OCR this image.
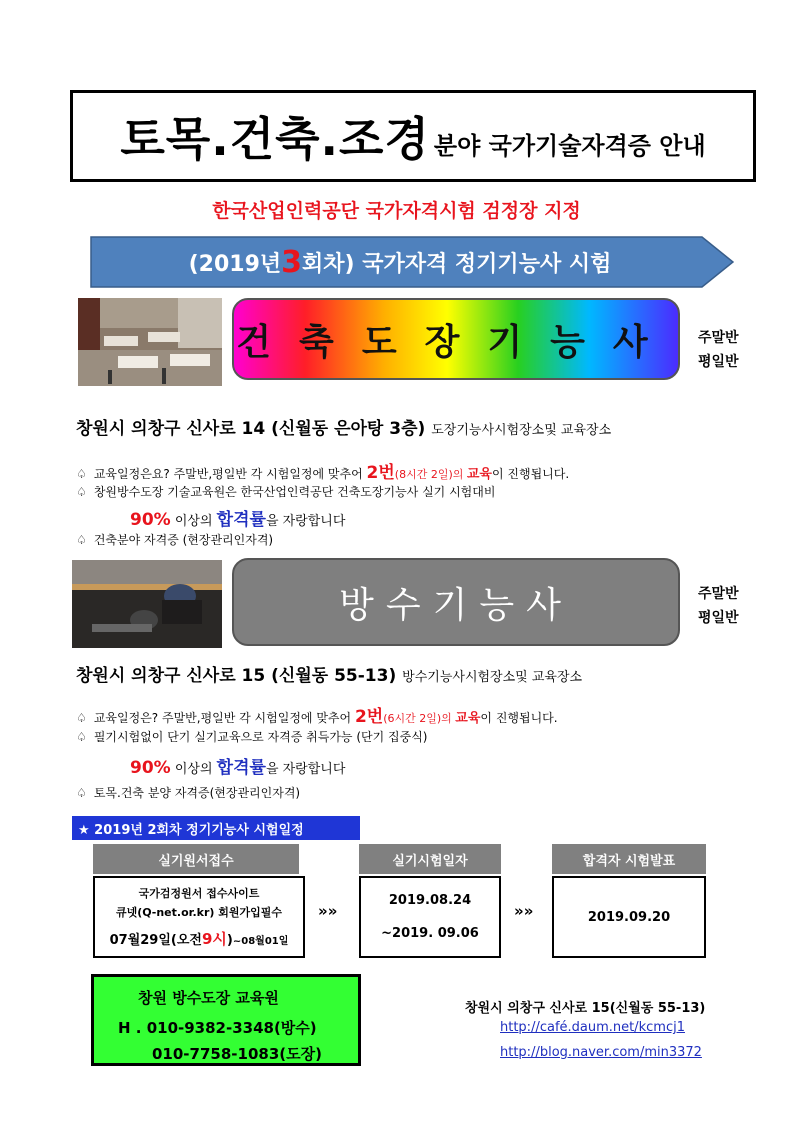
토목.건축.조경 분야 국가기술자격증 안내
한국산업인력공단 국가자격시험 검정장 지정
(2019년 3 회차) 국가자격 정기기능사 시험
건축도장기능사 주말반
평일반
창원시 의창구 신사로 14 (신월동 은아탕 3층) 도장기능사시험장소및 교육장소
♤ 교육일정은요? 주말반,평일반 각 시험일정에 맞추어 2번(8시간 2일)의 교육이 진행됩니다.
♤ 창원방수도장 기술교육원은 한국산업인력공단 건축도장기능사 실기 시험대비
90% 이상의 합격률을 자랑합니다
♤ 건축분야 자격증 (현장관리인자격)
방수기능사	주말반
평일반
창원시 의창구 신사로 15 (신월동 55-13) 방수기능사시험장소및 교육장소
♤ 교육일정은? 주말반,평일반 각 시험일정에 맞추어 2번(6시간 2일)의 교육이 진행됩니다.
♤ 필기시험없이 단기 실기교육으로 자격증 취득가능 (단기 집중식)
90% 이상의 합격률을 자랑합니다
♤ 토목.건축 분양 자격증(현장관리인자격)
★ 2019년 2회차 정기기능사 시험일정
실기원서접수
국가검정원서 접수사이트
큐넷(Q-net.or.kr) 회원가입필수
07월29일(오전9시)~08월01일
»»
실기시험일자
2019.08.24
~2019. 09.06
»»
합격자 시험발표
2019.09.20
창원 방수도장 교육원
H . 010-9382-3348(방수)
010-7758-1083(도장)
창원시 의창구 신사로 15(신월동 55-13)
http://café.daum.net/kcmcj1
http://blog.naver.com/min3372
